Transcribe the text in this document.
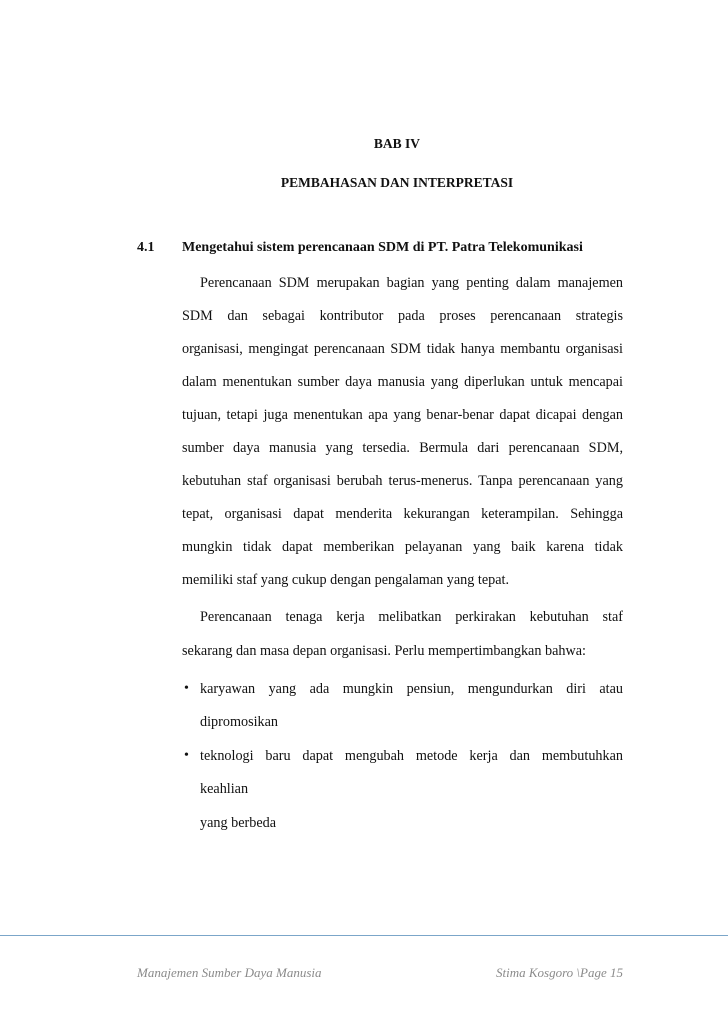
BAB IV
PEMBAHASAN DAN INTERPRETASI
4.1 Mengetahui sistem perencanaan SDM di PT. Patra Telekomunikasi
Perencanaan SDM merupakan bagian yang penting dalam manajemen
SDM dan sebagai kontributor pada proses perencanaan strategis
organisasi, mengingat perencanaan SDM tidak hanya membantu organisasi
dalam menentukan sumber daya manusia yang diperlukan untuk mencapai
tujuan, tetapi juga menentukan apa yang benar-benar dapat dicapai dengan
sumber daya manusia yang tersedia. Bermula dari perencanaan SDM,
kebutuhan staf organisasi berubah terus-menerus. Tanpa perencanaan yang
tepat, organisasi dapat menderita kekurangan keterampilan. Sehingga
mungkin tidak dapat memberikan pelayanan yang baik karena tidak
memiliki staf yang cukup dengan pengalaman yang tepat.
Perencanaan tenaga kerja melibatkan perkirakan kebutuhan staf
sekarang dan masa depan organisasi. Perlu mempertimbangkan bahwa:
• karyawan yang ada mungkin pensiun, mengundurkan diri atau
dipromosikan
• teknologi baru dapat mengubah metode kerja dan membutuhkan
keahlian
yang berbeda
Manajemen Sumber Daya Manusia	Stima Kosgoro \Page 15
